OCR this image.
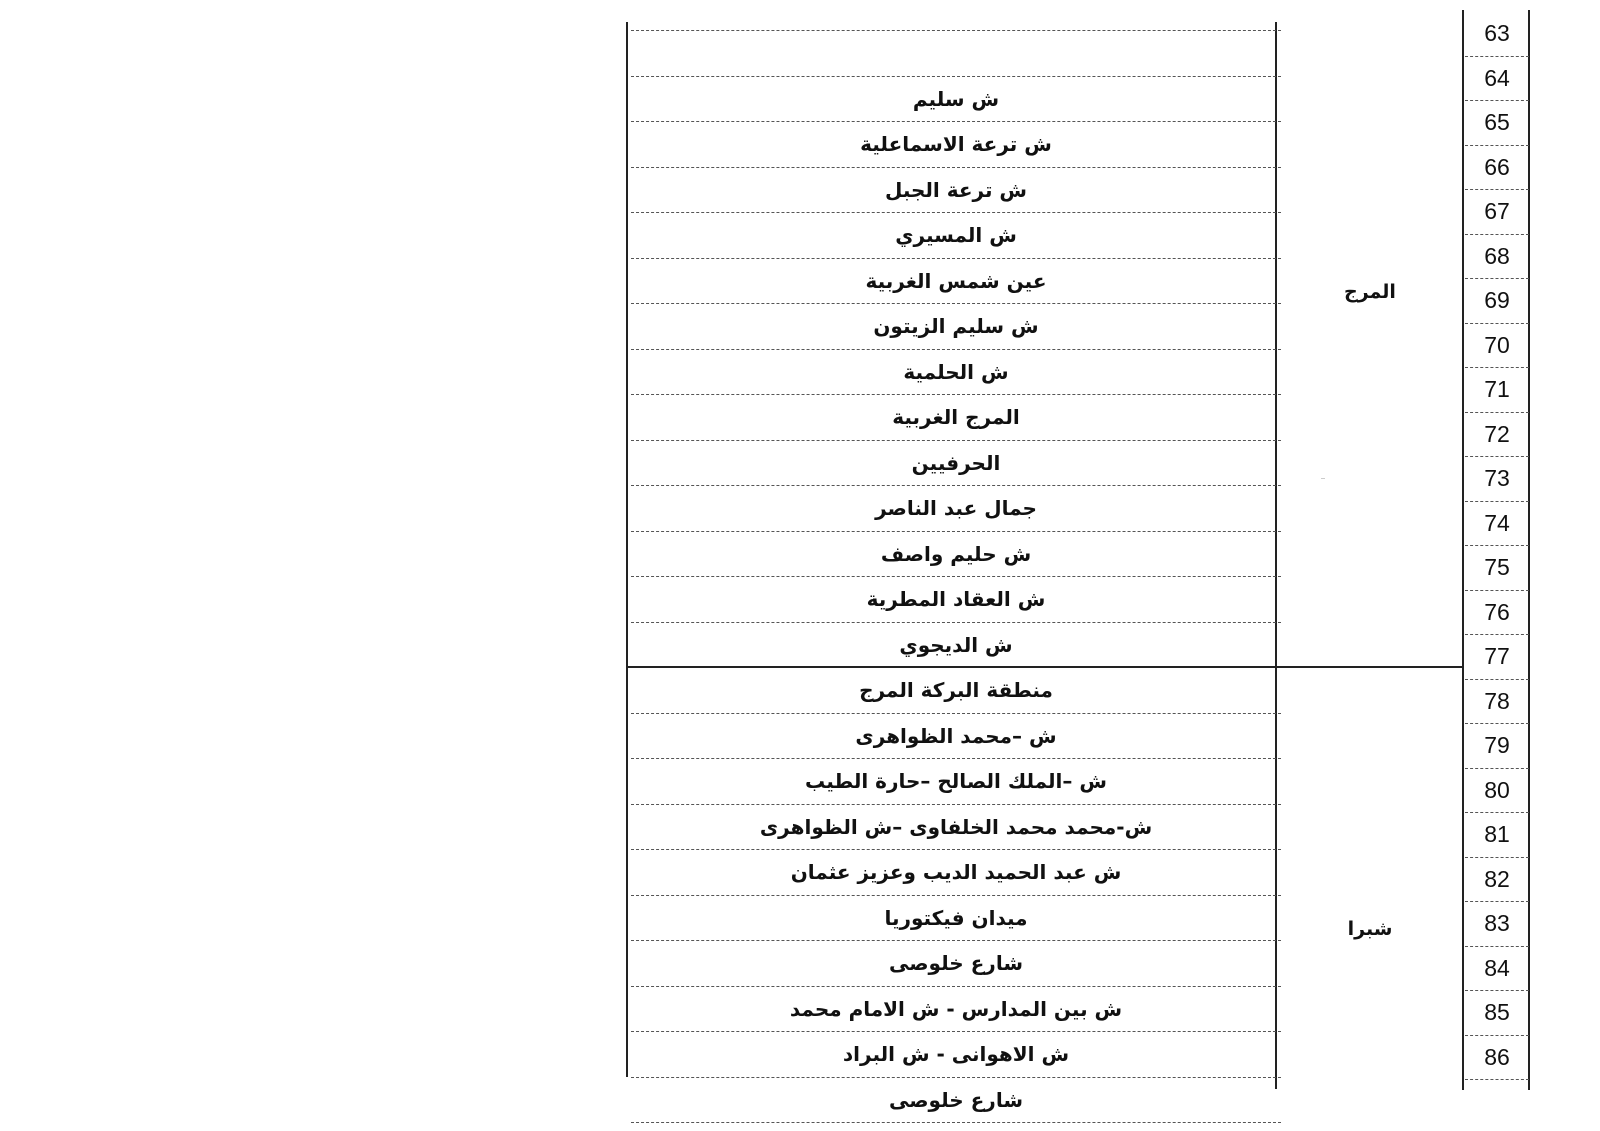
ش سليم
ش ترعة الاسماعلية
ش ترعة الجبل
ش المسيري
عين شمس الغربية
ش سليم الزيتون
ش الحلمية
المرج الغربية
الحرفيين
جمال عبد الناصر
ش حليم واصف
ش العقاد المطرية
ش الديجوي
منطقة البركة المرج
ش –محمد الظواهرى
ش –الملك الصالح –حارة الطيب
ش-محمد محمد الخلفاوى –ش الظواهرى
ش عبد الحميد الديب وعزيز عثمان
ميدان فيكتوريا
شارع خلوصى
ش بين المدارس - ش الامام محمد
ش الاهوانى - ش البراد
شارع خلوصى
63
64
65
66
67
68
69
70
71
72
73
74
75
76
77
78
79
80
81
82
83
84
85
86
المرج
شبرا
